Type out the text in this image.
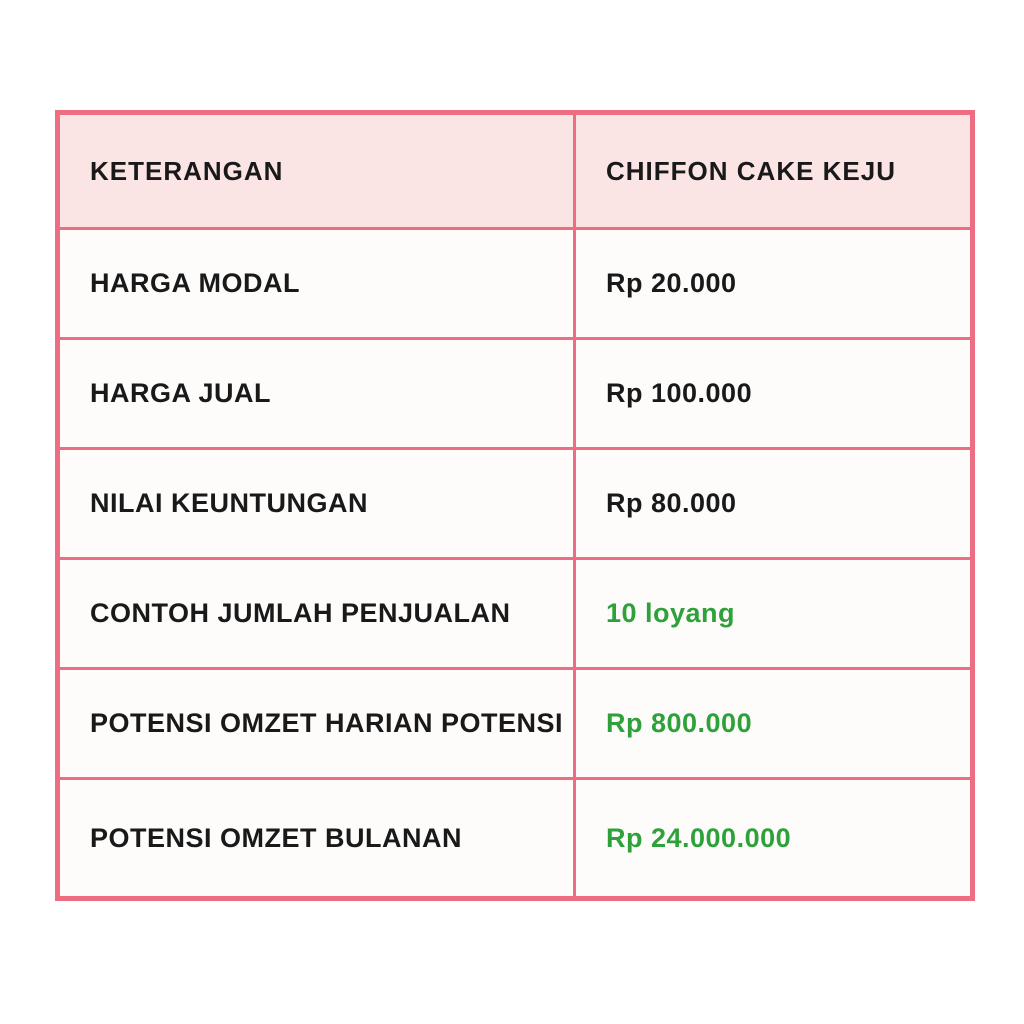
KETERANGAN	CHIFFON CAKE KEJU
HARGA MODAL	Rp 20.000
HARGA JUAL	Rp 100.000
NILAI KEUNTUNGAN	Rp 80.000
CONTOH JUMLAH PENJUALAN	10 loyang
POTENSI OMZET HARIAN POTENSI	Rp 800.000
POTENSI OMZET BULANAN	Rp 24.000.000
